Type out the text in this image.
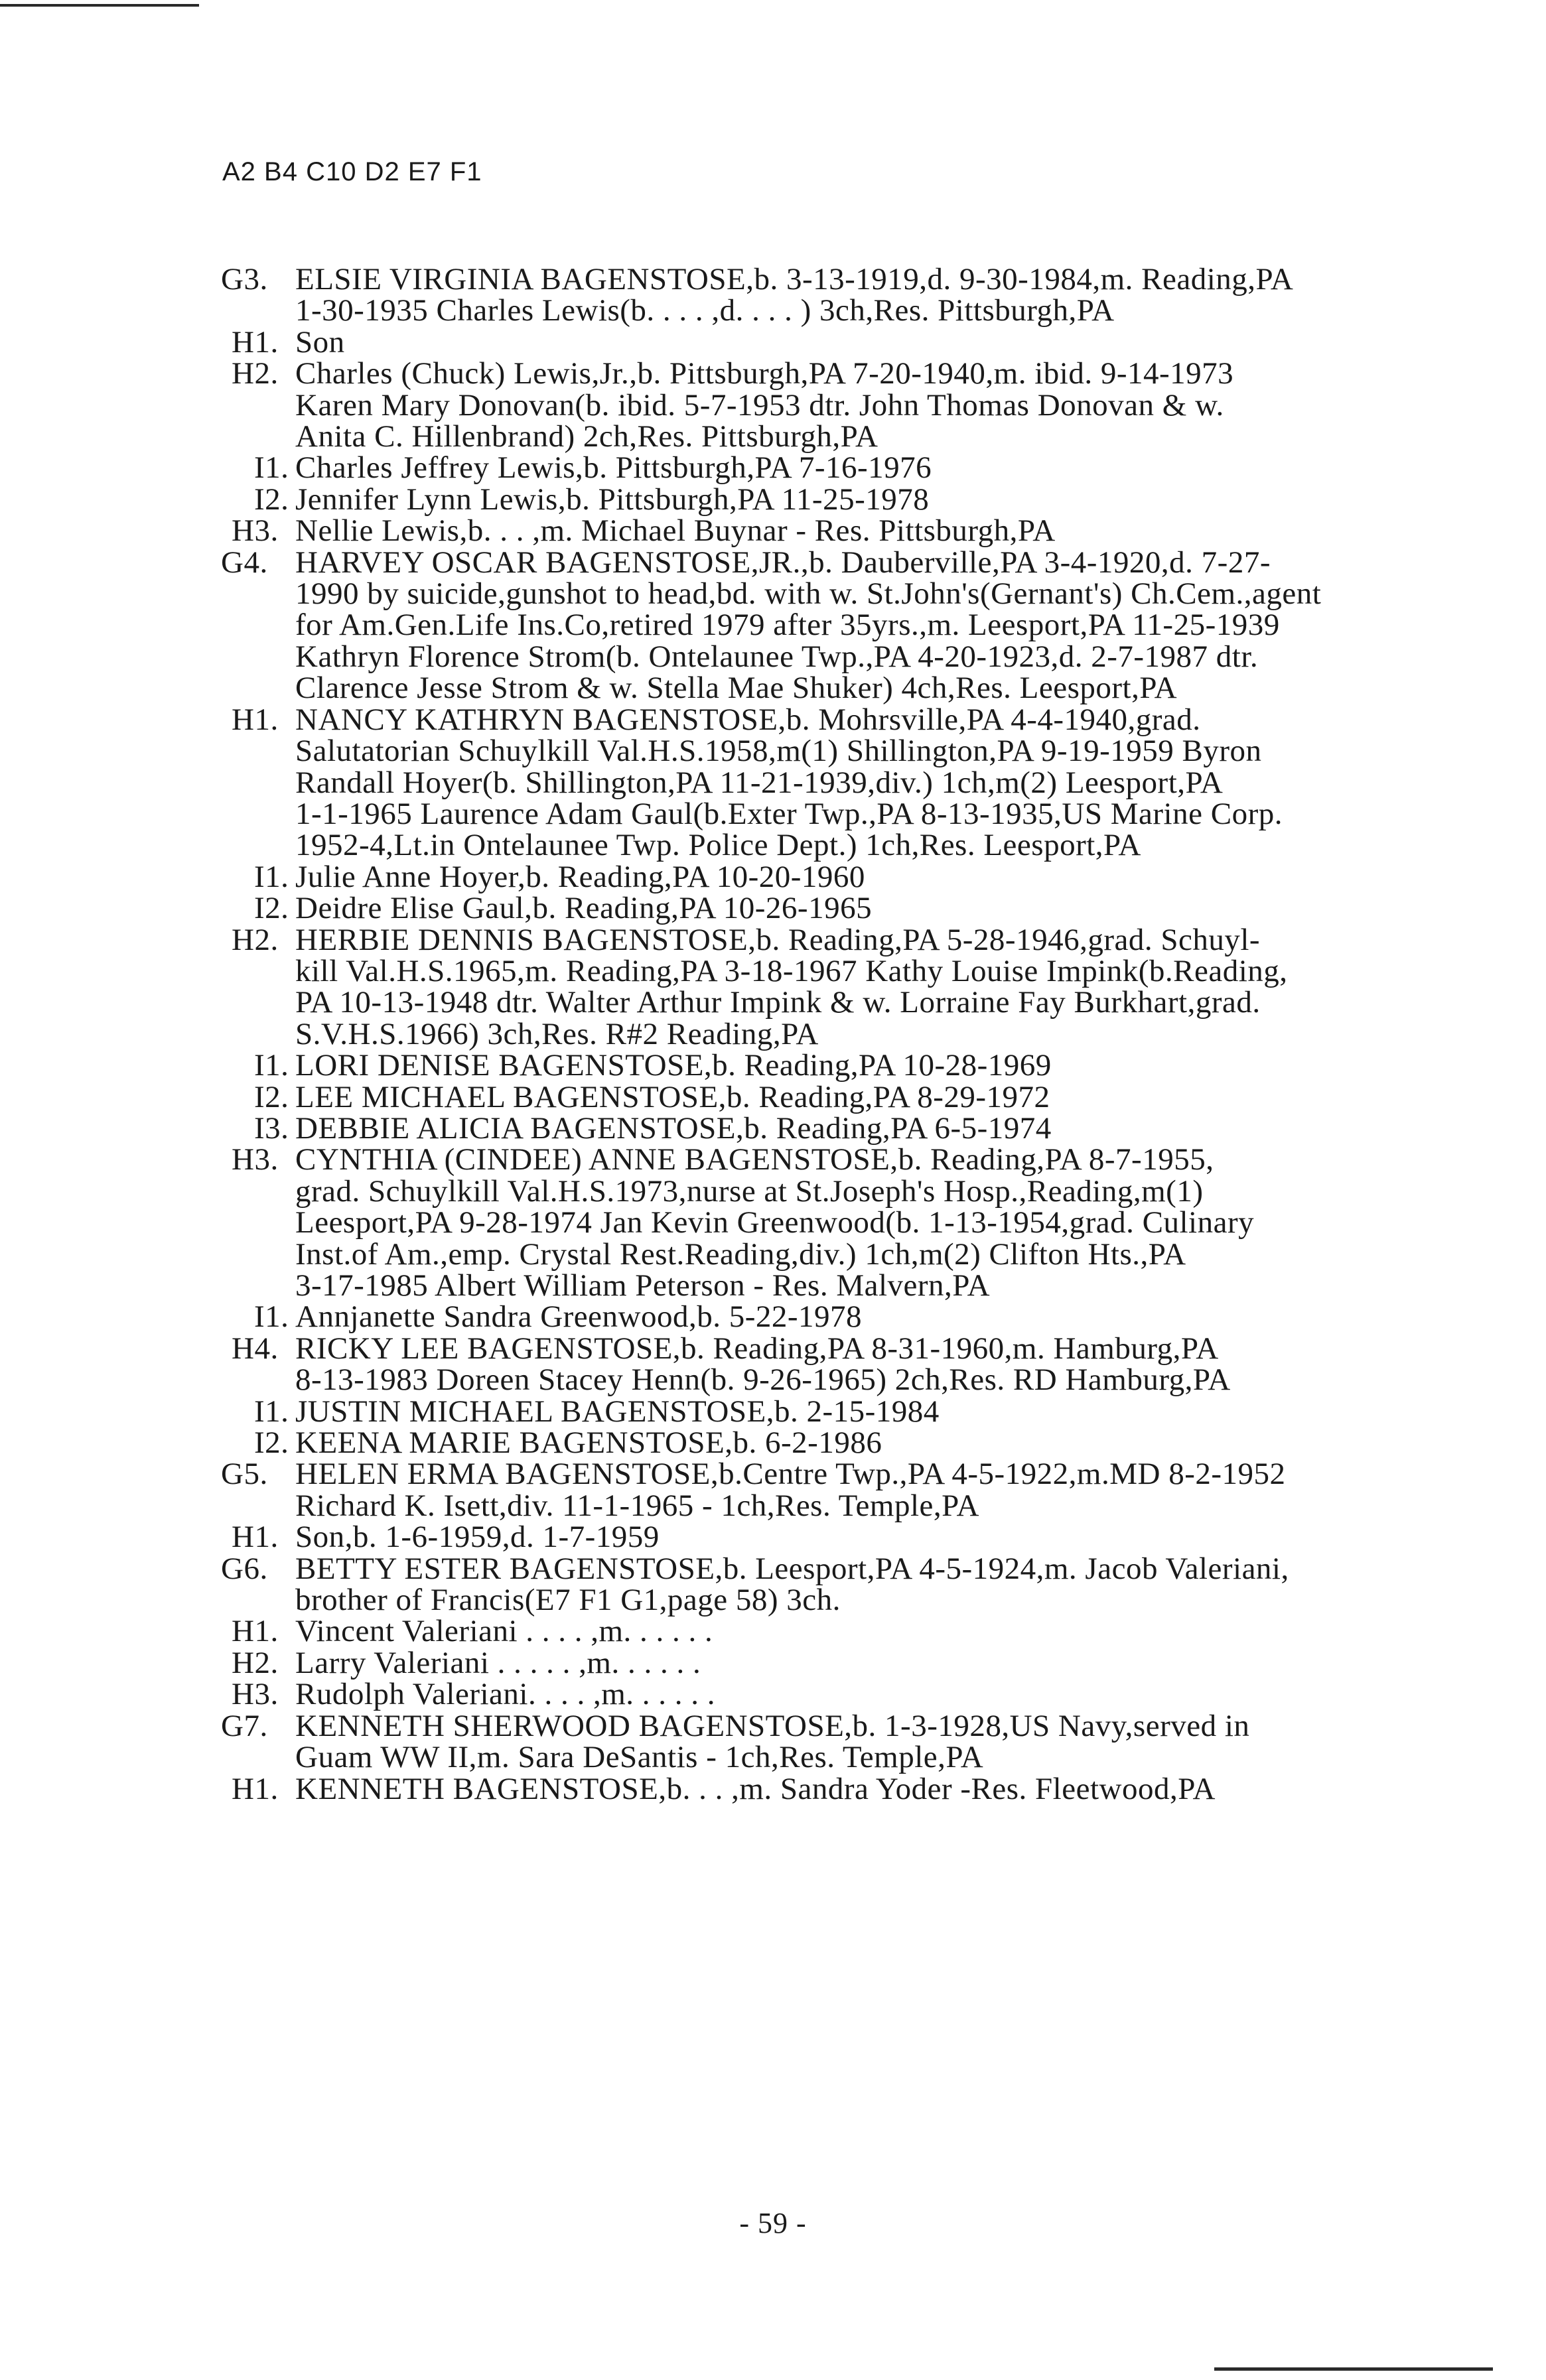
A2 B4 C10 D2 E7 F1
G3. ELSIE VIRGINIA BAGENSTOSE,b. 3-13-1919,d. 9-30-1984,m. Reading,PA
1-30-1935 Charles Lewis(b. . . . ,d. . . . ) 3ch,Res. Pittsburgh,PA
H1. Son
H2. Charles (Chuck) Lewis,Jr.,b. Pittsburgh,PA 7-20-1940,m. ibid. 9-14-1973
Karen Mary Donovan(b. ibid. 5-7-1953 dtr. John Thomas Donovan & w.
Anita C. Hillenbrand) 2ch,Res. Pittsburgh,PA
I1. Charles Jeffrey Lewis,b. Pittsburgh,PA 7-16-1976
I2. Jennifer Lynn Lewis,b. Pittsburgh,PA 11-25-1978
H3. Nellie Lewis,b. . . ,m. Michael Buynar - Res. Pittsburgh,PA
G4. HARVEY OSCAR BAGENSTOSE,JR.,b. Dauberville,PA 3-4-1920,d. 7-27-
1990 by suicide,gunshot to head,bd. with w. St.John's(Gernant's) Ch.Cem.,agent
for Am.Gen.Life Ins.Co,retired 1979 after 35yrs.,m. Leesport,PA 11-25-1939
Kathryn Florence Strom(b. Ontelaunee Twp.,PA 4-20-1923,d. 2-7-1987 dtr.
Clarence Jesse Strom & w. Stella Mae Shuker) 4ch,Res. Leesport,PA
H1. NANCY KATHRYN BAGENSTOSE,b. Mohrsville,PA 4-4-1940,grad.
Salutatorian Schuylkill Val.H.S.1958,m(1) Shillington,PA 9-19-1959 Byron
Randall Hoyer(b. Shillington,PA 11-21-1939,div.) 1ch,m(2) Leesport,PA
1-1-1965 Laurence Adam Gaul(b.Exter Twp.,PA 8-13-1935,US Marine Corp.
1952-4,Lt.in Ontelaunee Twp. Police Dept.) 1ch,Res. Leesport,PA
I1. Julie Anne Hoyer,b. Reading,PA 10-20-1960
I2. Deidre Elise Gaul,b. Reading,PA 10-26-1965
H2. HERBIE DENNIS BAGENSTOSE,b. Reading,PA 5-28-1946,grad. Schuyl-
kill Val.H.S.1965,m. Reading,PA 3-18-1967 Kathy Louise Impink(b.Reading,
PA 10-13-1948 dtr. Walter Arthur Impink & w. Lorraine Fay Burkhart,grad.
S.V.H.S.1966) 3ch,Res. R#2 Reading,PA
I1. LORI DENISE BAGENSTOSE,b. Reading,PA 10-28-1969
I2. LEE MICHAEL BAGENSTOSE,b. Reading,PA 8-29-1972
I3. DEBBIE ALICIA BAGENSTOSE,b. Reading,PA 6-5-1974
H3. CYNTHIA (CINDEE) ANNE BAGENSTOSE,b. Reading,PA 8-7-1955,
grad. Schuylkill Val.H.S.1973,nurse at St.Joseph's Hosp.,Reading,m(1)
Leesport,PA 9-28-1974 Jan Kevin Greenwood(b. 1-13-1954,grad. Culinary
Inst.of Am.,emp. Crystal Rest.Reading,div.) 1ch,m(2) Clifton Hts.,PA
3-17-1985 Albert William Peterson - Res. Malvern,PA
I1. Annjanette Sandra Greenwood,b. 5-22-1978
H4. RICKY LEE BAGENSTOSE,b. Reading,PA 8-31-1960,m. Hamburg,PA
8-13-1983 Doreen Stacey Henn(b. 9-26-1965) 2ch,Res. RD Hamburg,PA
I1. JUSTIN MICHAEL BAGENSTOSE,b. 2-15-1984
I2. KEENA MARIE BAGENSTOSE,b. 6-2-1986
G5. HELEN ERMA BAGENSTOSE,b.Centre Twp.,PA 4-5-1922,m.MD 8-2-1952
Richard K. Isett,div. 11-1-1965 - 1ch,Res. Temple,PA
H1. Son,b. 1-6-1959,d. 1-7-1959
G6. BETTY ESTER BAGENSTOSE,b. Leesport,PA 4-5-1924,m. Jacob Valeriani,
brother of Francis(E7 F1 G1,page 58) 3ch.
H1. Vincent Valeriani . . . . ,m. . . . . .
H2. Larry Valeriani . . . . . ,m. . . . . .
H3. Rudolph Valeriani. . . . ,m. . . . . .
G7. KENNETH SHERWOOD BAGENSTOSE,b. 1-3-1928,US Navy,served in
Guam WW II,m. Sara DeSantis - 1ch,Res. Temple,PA
H1. KENNETH BAGENSTOSE,b. . . ,m. Sandra Yoder -Res. Fleetwood,PA
- 59 -
